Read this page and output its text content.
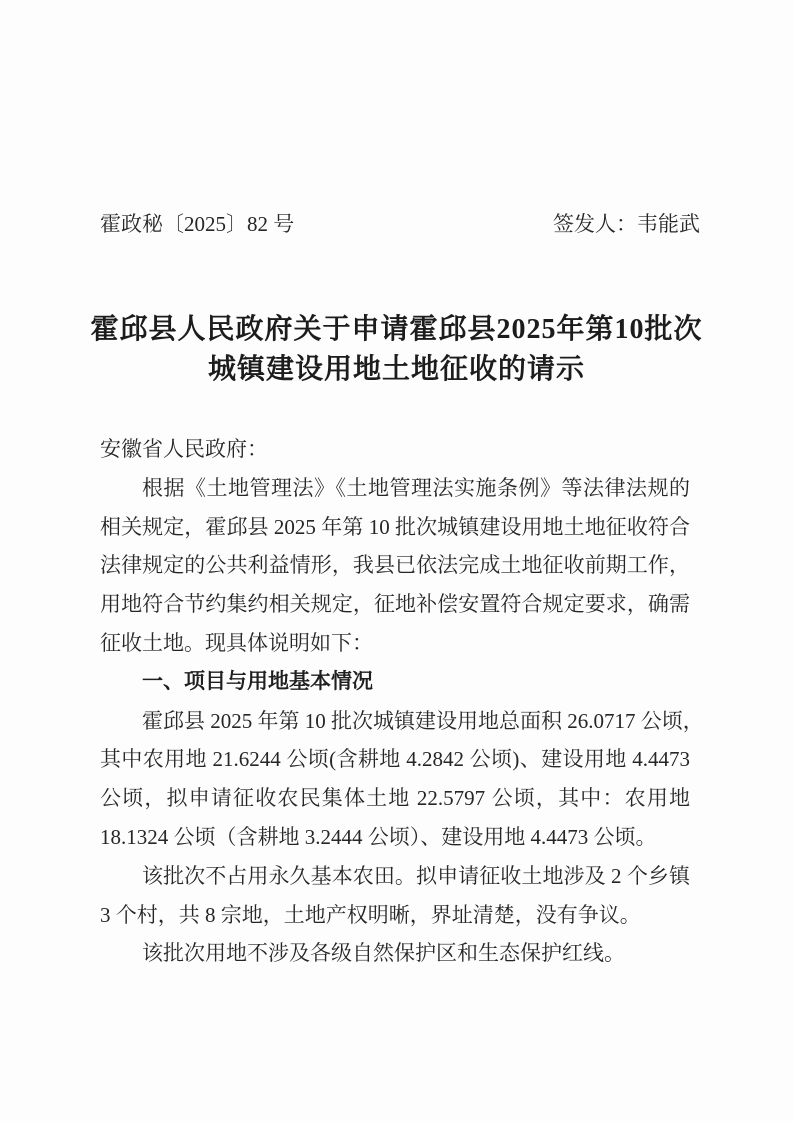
霍政秘〔2025〕82 号	签发人：韦能武
霍邱县人民政府关于申请霍邱县2025年第10批次
城镇建设用地土地征收的请示
安徽省人民政府：
根据《土地管理法》《土地管理法实施条例》等法律法规的
相关规定，霍邱县 2025 年第 10 批次城镇建设用地土地征收符合
法律规定的公共利益情形，我县已依法完成土地征收前期工作，
用地符合节约集约相关规定，征地补偿安置符合规定要求，确需
征收土地。现具体说明如下：
一、项目与用地基本情况
霍邱县 2025 年第 10 批次城镇建设用地总面积 26.0717 公顷，
其中农用地 21.6244 公顷(含耕地 4.2842 公顷)、建设用地 4.4473
公顷，拟申请征收农民集体土地 22.5797 公顷，其中：农用地
18.1324 公顷（含耕地 3.2444 公顷）、建设用地 4.4473 公顷。
该批次不占用永久基本农田。拟申请征收土地涉及 2 个乡镇
3 个村，共 8 宗地，土地产权明晰，界址清楚，没有争议。
该批次用地不涉及各级自然保护区和生态保护红线。
